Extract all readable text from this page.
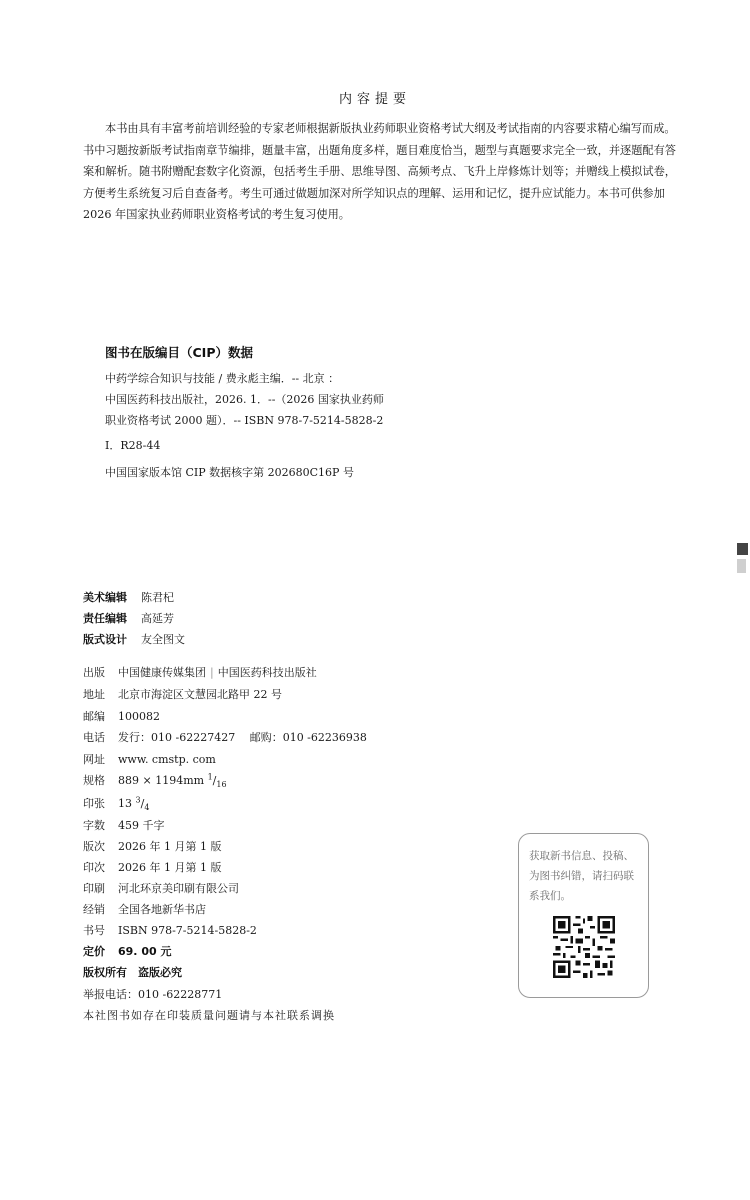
内容提要
本书由具有丰富考前培训经验的专家老师根据新版执业药师职业资格考试大纲及考试指南的内容要求精心编写而成。
书中习题按新版考试指南章节编排，题量丰富，出题角度多样，题目难度恰当，题型与真题要求完全一致，并逐题配有答
案和解析。随书附赠配套数字化资源，包括考生手册、思维导图、高频考点、飞升上岸修炼计划等；并赠线上模拟试卷，
方便考生系统复习后自查备考。考生可通过做题加深对所学知识点的理解、运用和记忆，提升应试能力。本书可供参加
2026 年国家执业药师职业资格考试的考生复习使用。
图书在版编目（CIP）数据
中药学综合知识与技能 / 费永彪主编．-- 北京 ：
中国医药科技出版社，2026. 1．--（2026 国家执业药师
职业资格考试 2000 题）．-- ISBN 978-7-5214-5828-2
Ⅰ．R28-44
中国国家版本馆 CIP 数据核字第 202680C16P 号
美术编辑 陈君杞
责任编辑 高延芳
版式设计 友全图文
出版 中国健康传媒集团 | 中国医药科技出版社
地址 北京市海淀区文慧园北路甲 22 号
邮编 100082
电话 发行：010 -62227427　 邮购：010 -62236938
网址 www. cmstp. com
规格 889 × 1194mm $^1/_{16}$
印张 13 $^3/_4$
字数 459 千字
版次 2026 年 1 月第 1 版
印次 2026 年 1 月第 1 版
印刷 河北环京美印刷有限公司
经销 全国各地新华书店
书号 ISBN 978-7-5214-5828-2
定价 69. 00 元
版权所有　盗版必究
举报电话：010 -62228771
本社图书如存在印装质量问题请与本社联系调换
获取新书信息、投稿、为图书纠错，请扫码联系我们。
